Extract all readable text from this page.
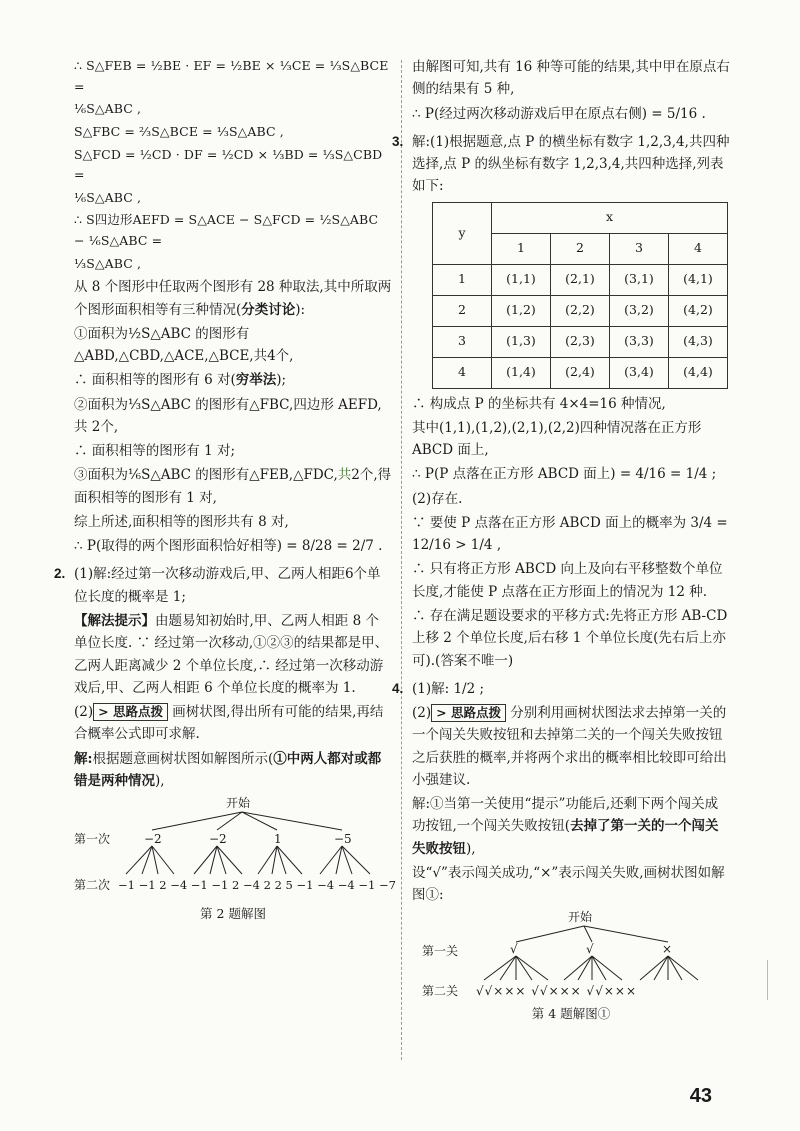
∴ S△FEB = ½BE · EF = ½BE × ⅓CE = ⅓S△BCE =

⅙S△ABC ,

S△FBC = ⅔S△BCE = ⅓S△ABC ,

S△FCD = ½CD · DF = ½CD × ⅓BD = ⅓S△CBD =

⅙S△ABC ,

∴ S四边形AEFD = S△ACE − S△FCD = ½S△ABC − ⅙S△ABC =

⅓S△ABC ,

从 8 个图形中任取两个图形有 28 种取法,其中所取两个图形面积相等有三种情况(分类讨论):

①面积为½S△ABC 的图形有△ABD,△CBD,△ACE,△BCE,共4个,

∴ 面积相等的图形有 6 对(穷举法);

②面积为⅓S△ABC 的图形有△FBC,四边形 AEFD,共 2个,

∴ 面积相等的图形有 1 对;

③面积为⅙S△ABC 的图形有△FEB,△FDC,共2个,得面积相等的图形有 1 对,

综上所述,面积相等的图形共有 8 对,

∴ P(取得的两个图形面积恰好相等) = 8/28 = 2/7 .

2. (1)解:经过第一次移动游戏后,甲、乙两人相距6个单位长度的概率是 1;

【解法提示】由题易知初始时,甲、乙两人相距 8 个单位长度. ∵ 经过第一次移动,①②③的结果都是甲、乙两人距离减少 2 个单位长度,∴ 经过第一次移动游戏后,甲、乙两人相距 6 个单位长度的概率为 1.

(2) > 思路点拨 画树状图,得出所有可能的结果,再结合概率公式即可求解.

解:根据题意画树状图如解图所示(①中两人都对或都错是两种情况),

开始
第一次	−2	−2	1	−5
第二次 −1 −1 2 −4 −1 −1 2 −4 2 2 5 −1 −4 −4 −1 −7
第 2 题解图

由解图可知,共有 16 种等可能的结果,其中甲在原点右侧的结果有 5 种,

∴ P(经过两次移动游戏后甲在原点右侧) = 5/16 .

3. 解:(1)根据题意,点 P 的横坐标有数字 1,2,3,4,共四种选择,点 P 的纵坐标有数字 1,2,3,4,共四种选择,列表如下:

y	x			
	1	2	3	4
1	(1,1)	(2,1)	(3,1)	(4,1)
2	(1,2)	(2,2)	(3,2)	(4,2)
3	(1,3)	(2,3)	(3,3)	(4,3)
4	(1,4)	(2,4)	(3,4)	(4,4)

∴ 构成点 P 的坐标共有 4×4=16 种情况,

其中(1,1),(1,2),(2,1),(2,2)四种情况落在正方形 ABCD 面上,

∴ P(P 点落在正方形 ABCD 面上) = 4/16 = 1/4 ;

(2)存在.

∵ 要使 P 点落在正方形 ABCD 面上的概率为 3/4 = 12/16 > 1/4 ,

∴ 只有将正方形 ABCD 向上及向右平移整数个单位长度,才能使 P 点落在正方形面上的情况为 12 种.

∴ 存在满足题设要求的平移方式:先将正方形 AB-CD 上移 2 个单位长度,后右移 1 个单位长度(先右后上亦可).(答案不唯一)

4. (1)解: 1/2 ;

(2) > 思路点拨 分别利用画树状图法求去掉第一关的一个闯关失败按钮和去掉第二关的一个闯关失败按钮之后获胜的概率,并将两个求出的概率相比较即可给出小强建议.

解:①当第一关使用“提示”功能后,还剩下两个闯关成功按钮,一个闯关失败按钮(去掉了第一关的一个闯关失败按钮),

设“√”表示闯关成功,“×”表示闯关失败,画树状图如解图①:

开始
第一关	√	√	×
第二关 √√××× √√××× √√×××
第 4 题解图①
43
